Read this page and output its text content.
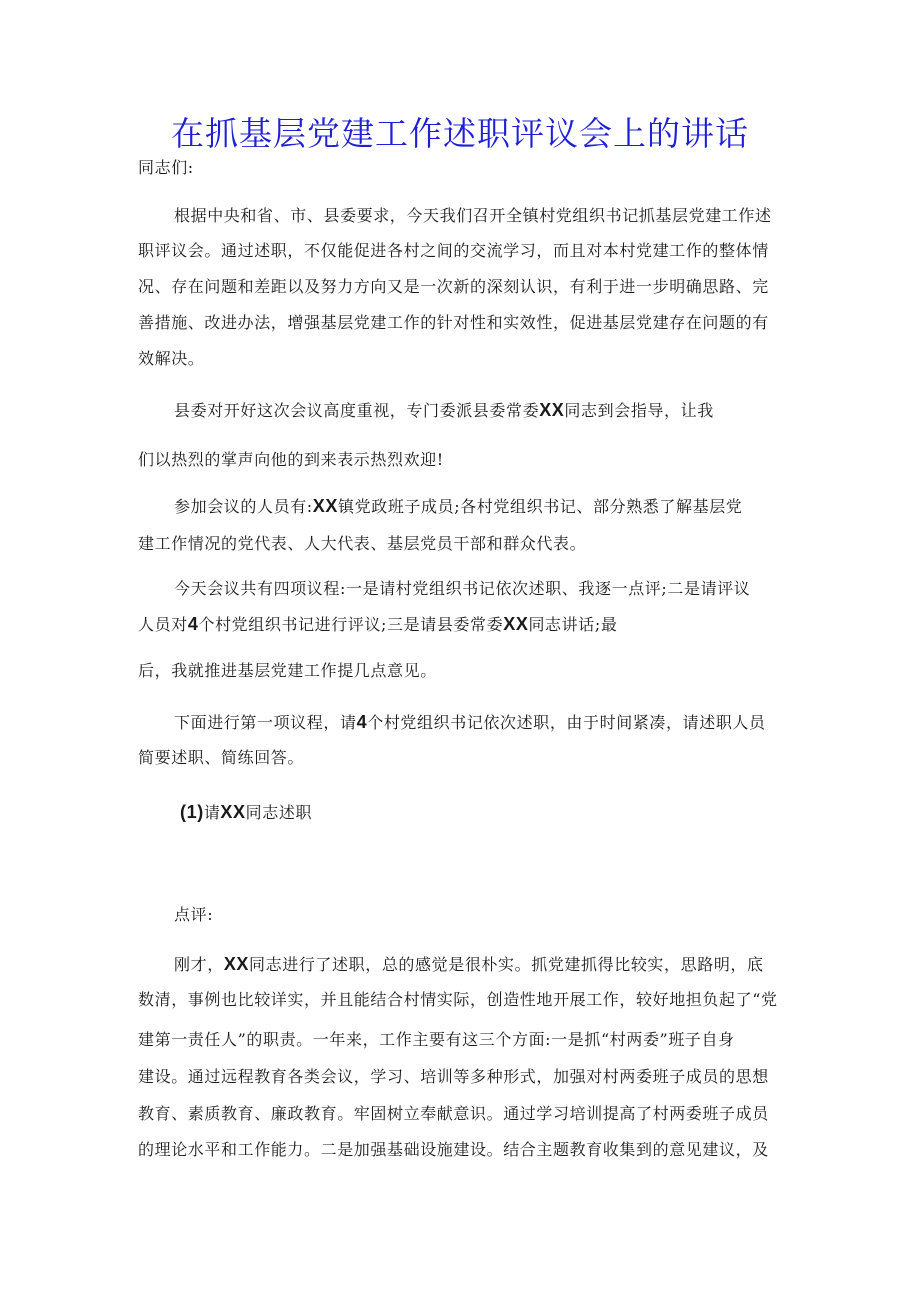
在抓基层党建工作述职评议会上的讲话
同志们:
根据中央和省、市、县委要求，今天我们召开全镇村党组织书记抓基层党建工作述
职评议会。通过述职，不仅能促进各村之间的交流学习，而且对本村党建工作的整体情
况、存在问题和差距以及努力方向又是一次新的深刻认识，有利于进一步明确思路、完
善措施、改进办法，增强基层党建工作的针对性和实效性，促进基层党建存在问题的有
效解决。
县委对开好这次会议高度重视，专门委派县委常委XX同志到会指导，让我
们以热烈的掌声向他的到来表示热烈欢迎!
参加会议的人员有:XX镇党政班子成员;各村党组织书记、部分熟悉了解基层党
建工作情况的党代表、人大代表、基层党员干部和群众代表。
今天会议共有四项议程:一是请村党组织书记依次述职、我逐一点评;二是请评议
人员对4个村党组织书记进行评议;三是请县委常委XX同志讲话;最
后，我就推进基层党建工作提几点意见。
下面进行第一项议程，请4个村党组织书记依次述职，由于时间紧凑，请述职人员
简要述职、简练回答。
(1)请XX同志述职
点评:
刚才，XX同志进行了述职，总的感觉是很朴实。抓党建抓得比较实，思路明，底
数清，事例也比较详实，并且能结合村情实际，创造性地开展工作，较好地担负起了“党
建第一责任人”的职责。一年来，工作主要有这三个方面:一是抓“村两委”班子自身
建设。通过远程教育各类会议，学习、培训等多种形式，加强对村两委班子成员的思想
教育、素质教育、廉政教育。牢固树立奉献意识。通过学习培训提高了村两委班子成员
的理论水平和工作能力。二是加强基础设施建设。结合主题教育收集到的意见建议，及
